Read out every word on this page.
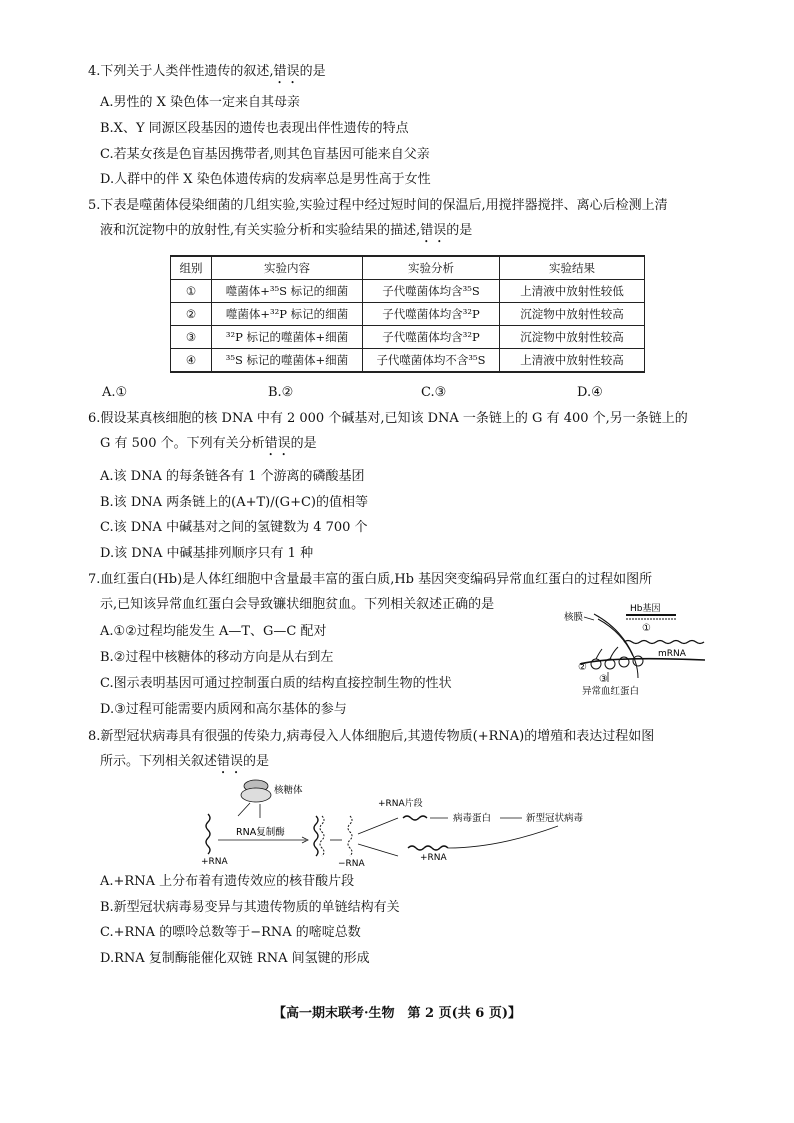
4.下列关于人类伴性遗传的叙述,错误的是
A.男性的 X 染色体一定来自其母亲
B.X、Y 同源区段基因的遗传也表现出伴性遗传的特点
C.若某女孩是色盲基因携带者,则其色盲基因可能来自父亲
D.人群中的伴 X 染色体遗传病的发病率总是男性高于女性
5.下表是噬菌体侵染细菌的几组实验,实验过程中经过短时间的保温后,用搅拌器搅拌、离心后检测上清
液和沉淀物中的放射性,有关实验分析和实验结果的描述,错误的是
组别	实验内容	实验分析	实验结果
①	噬菌体+³⁵S 标记的细菌	子代噬菌体均含³⁵S	上清液中放射性较低
②	噬菌体+³²P 标记的细菌	子代噬菌体均含³²P	沉淀物中放射性较高
③	³²P 标记的噬菌体+细菌	子代噬菌体均含³²P	沉淀物中放射性较高
④	³⁵S 标记的噬菌体+细菌	子代噬菌体均不含³⁵S	上清液中放射性较高
A.①	B.②	C.③	D.④
6.假设某真核细胞的核 DNA 中有 2 000 个碱基对,已知该 DNA 一条链上的 G 有 400 个,另一条链上的
G 有 500 个。下列有关分析错误的是
A.该 DNA 的每条链各有 1 个游离的磷酸基团
B.该 DNA 两条链上的(A+T)/(G+C)的值相等
C.该 DNA 中碱基对之间的氢键数为 4 700 个
D.该 DNA 中碱基排列顺序只有 1 种
7.血红蛋白(Hb)是人体红细胞中含量最丰富的蛋白质,Hb 基因突变编码异常血红蛋白的过程如图所
示,已知该异常血红蛋白会导致镰状细胞贫血。下列相关叙述正确的是
A.①②过程均能发生 A—T、G—C 配对
B.②过程中核糖体的移动方向是从右到左
C.图示表明基因可通过控制蛋白质的结构直接控制生物的性状
D.③过程可能需要内质网和高尔基体的参与
核膜
Hb基因
①
mRNA
②
③
异常血红蛋白
8.新型冠状病毒具有很强的传染力,病毒侵入人体细胞后,其遗传物质(+RNA)的增殖和表达过程如图
所示。下列相关叙述错误的是
核糖体
+RNA
RNA复制酶
−RNA
+RNA片段
病毒蛋白	新型冠状病毒
+RNA
A.+RNA 上分布着有遗传效应的核苷酸片段
B.新型冠状病毒易变异与其遗传物质的单链结构有关
C.+RNA 的嘌呤总数等于−RNA 的嘧啶总数
D.RNA 复制酶能催化双链 RNA 间氢键的形成
【高一期末联考·生物　第 2 页(共 6 页)】
